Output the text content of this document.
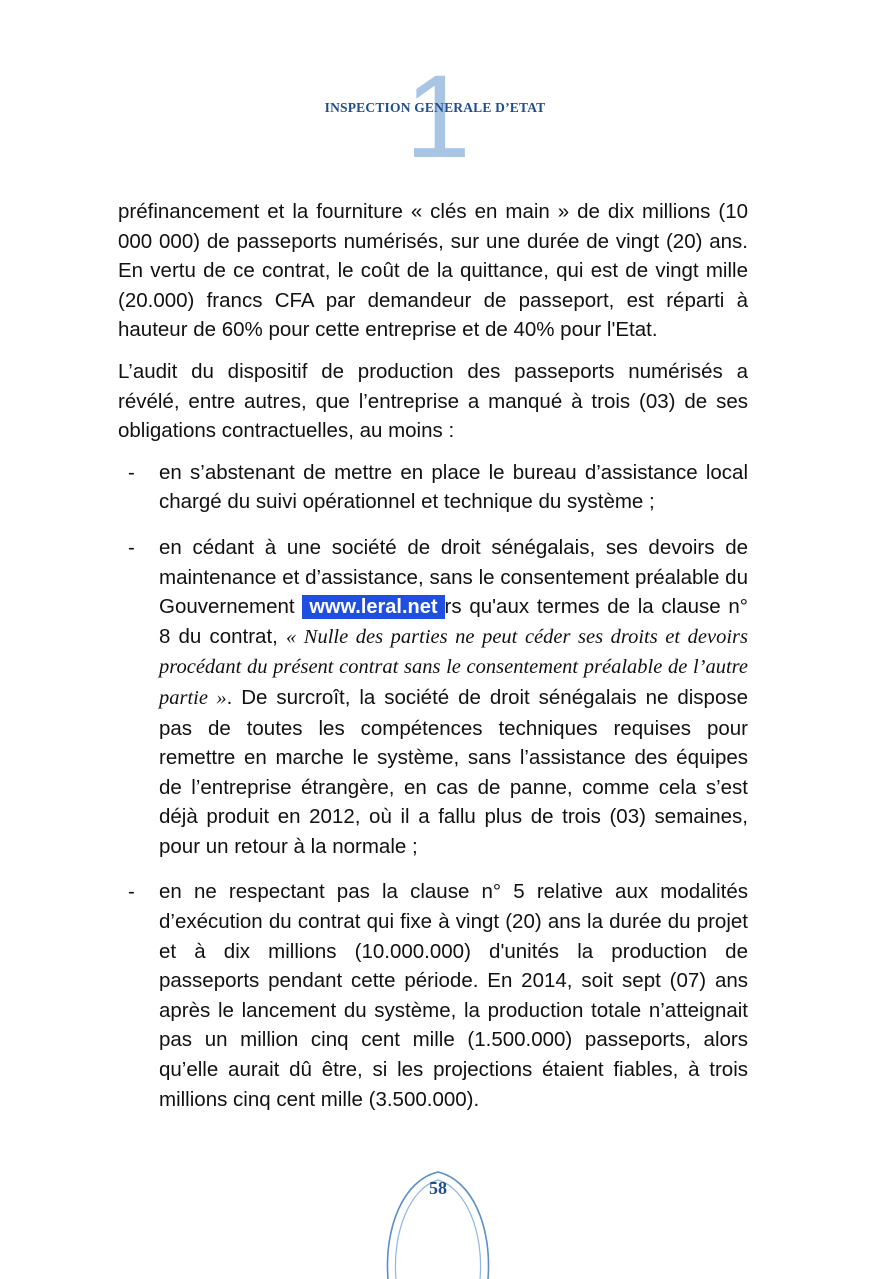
1
INSPECTION GENERALE D’ETAT

préfinancement et la fourniture « clés en main » de dix millions (10 000 000) de passeports numérisés, sur une durée de vingt (20) ans. En vertu de ce contrat, le coût de la quittance, qui est de vingt mille (20.000) francs CFA par demandeur de passeport, est réparti à hauteur de 60% pour cette entreprise et de 40% pour l'Etat.

L’audit du dispositif de production des passeports numérisés a révélé, entre autres, que l’entreprise a manqué à trois (03) de ses obligations contractuelles, au moins :

- en s’abstenant de mettre en place le bureau d’assistance local chargé du suivi opérationnel et technique du système ;
- en cédant à une société de droit sénégalais, ses devoirs de maintenance et d’assistance, sans le consentement préalable du Gouvernement www.leral.net rs qu'aux termes de la clause n° 8 du contrat, « Nulle des parties ne peut céder ses droits et devoirs procédant du présent contrat sans le consentement préalable de l’autre partie ». De surcroît, la société de droit sénégalais ne dispose pas de toutes les compétences techniques requises pour remettre en marche le système, sans l’assistance des équipes de l’entreprise étrangère, en cas de panne, comme cela s’est déjà produit en 2012, où il a fallu plus de trois (03) semaines, pour un retour à la normale ;
- en ne respectant pas la clause n° 5 relative aux modalités d’exécution du contrat qui fixe à vingt (20) ans la durée du projet et à dix millions (10.000.000) d'unités la production de passeports pendant cette période. En 2014, soit sept (07) ans après le lancement du système, la production totale n’atteignait pas un million cinq cent mille (1.500.000) passeports, alors qu’elle aurait dû être, si les projections étaient fiables, à trois millions cinq cent mille (3.500.000).
58
